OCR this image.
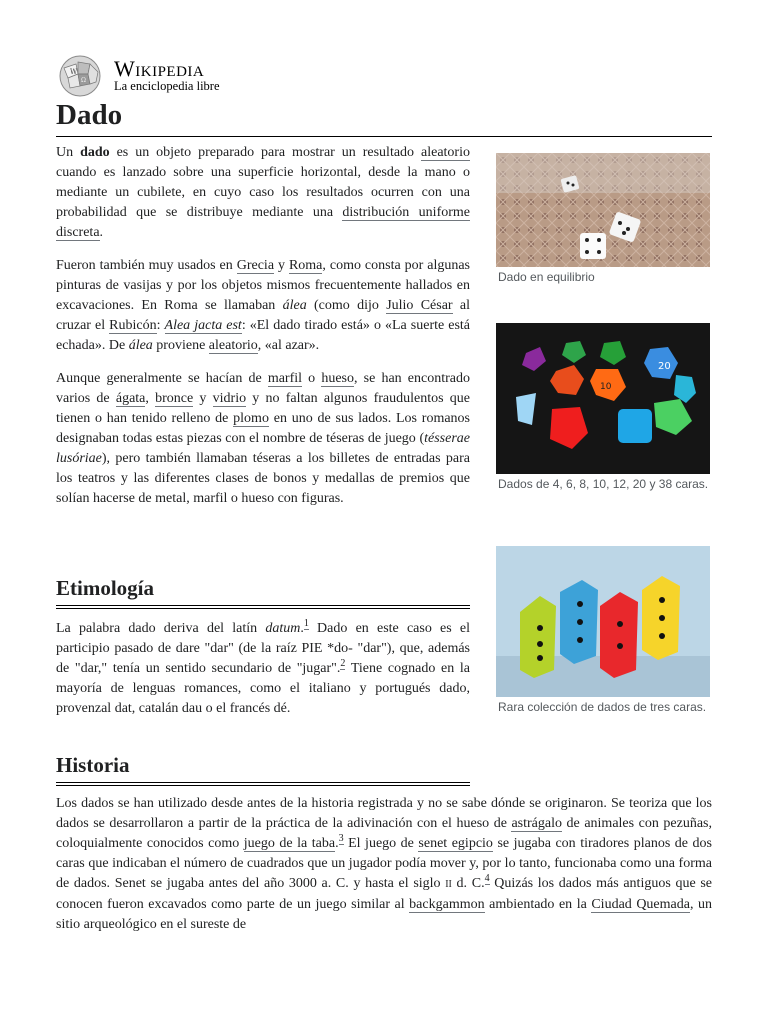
W
Ω Wikipedia
La enciclopedia libre
Dado

Un dado es un objeto preparado para mostrar un resultado aleatorio cuando es lanzado sobre una superficie horizontal, desde la mano o mediante un cubilete, en cuyo caso los resultados ocurren con una probabilidad que se distribuye mediante una distribución uniforme discreta.

Fueron también muy usados en Grecia y Roma, como consta por algunas pinturas de vasijas y por los objetos mismos frecuentemente hallados en excavaciones. En Roma se llamaban álea (como dijo Julio César al cruzar el Rubicón: Alea jacta est: «El dado tirado está» o «La suerte está echada». De álea proviene aleatorio, «al azar».

Aunque generalmente se hacían de marfil o hueso, se han encontrado varios de ágata, bronce y vidrio y no faltan algunos fraudulentos que tienen o han tenido relleno de plomo en uno de sus lados. Los romanos designaban todas estas piezas con el nombre de téseras de juego (tésserae lusóriae), pero también llamaban téseras a los billetes de entradas para los teatros y las diferentes clases de bonos y medallas de premios que solían hacerse de metal, marfil o hueso con figuras.

Etimología

La palabra dado deriva del latín datum.$^1$ Dado en este caso es el participio pasado de dare "dar" (de la raíz PIE *do- "dar"), que, además de "dar," tenía un sentido secundario de "jugar".$^2$ Tiene cognado en la mayoría de lenguas romances, como el italiano y portugués dado, provenzal dat, catalán dau o el francés dé.

Historia

Los dados se han utilizado desde antes de la historia registrada y no se sabe dónde se originaron. Se teoriza que los dados se desarrollaron a partir de la práctica de la adivinación con el hueso de astrágalo de animales con pezuñas, coloquialmente conocidos como juego de la taba.$^3$ El juego de senet egipcio se jugaba con tiradores planos de dos caras que indicaban el número de cuadrados que un jugador podía mover y, por lo tanto, funcionaba como una forma de dados. Senet se jugaba antes del año 3000 a. C. y hasta el siglo II d. C.$^4$ Quizás los dados más antiguos que se conocen fueron excavados como parte de un juego similar al backgammon ambientado en la Ciudad Quemada, un sitio arqueológico en el sureste de

Dado en equilibrio
20
10
Dados de 4, 6, 8, 10, 12, 20 y 38 caras.
Rara colección de dados de tres caras.
